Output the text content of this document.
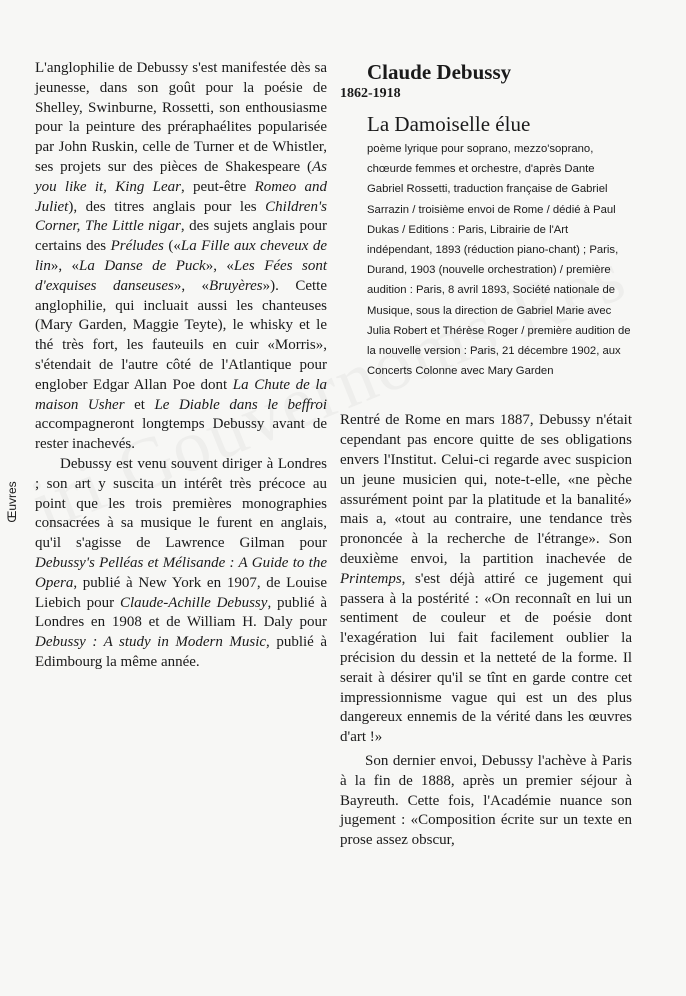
Œuvres

L'anglophilie de Debussy s'est manifestée dès sa jeunesse, dans son goût pour la poésie de Shelley, Swinburne, Rossetti, son enthousiasme pour la peinture des préraphaélites popularisée par John Ruskin, celle de Turner et de Whistler, ses projets sur des pièces de Shakespeare (As you like it, King Lear, peut-être Romeo and Juliet), des titres anglais pour les Children's Corner, The Little nigar, des sujets anglais pour certains des Préludes («La Fille aux cheveux de lin», «La Danse de Puck», «Les Fées sont d'exquises danseuses», «Bruyères»). Cette anglophilie, qui incluait aussi les chanteuses (Mary Garden, Maggie Teyte), le whisky et le thé très fort, les fauteuils en cuir «Morris», s'étendait de l'autre côté de l'Atlantique pour englober Edgar Allan Poe dont La Chute de la maison Usher et Le Diable dans le beffroi accompagneront longtemps Debussy avant de rester inachevés.

Debussy est venu souvent diriger à Londres ; son art y suscita un intérêt très précoce au point que les trois premières monographies consacrées à sa musique le furent en anglais, qu'il s'agisse de Lawrence Gilman pour Debussy's Pelléas et Mélisande : A Guide to the Opera, publié à New York en 1907, de Louise Liebich pour Claude-Achille Debussy, publié à Londres en 1908 et de William H. Daly pour Debussy : A study in Modern Music, publié à Edimbourg la même année.

Claude Debussy
1862-1918
La Damoiselle élue
poème lyrique pour soprano, mezzo'soprano, chœurde femmes et orchestre, d'après Dante Gabriel Rossetti, traduction française de Gabriel Sarrazin / troisième envoi de Rome / dédié à Paul Dukas / Editions : Paris, Librairie de l'Art indépendant, 1893 (réduction piano-chant) ; Paris, Durand, 1903 (nouvelle orchestration) / première audition : Paris, 8 avril 1893, Société nationale de Musique, sous la direction de Gabriel Marie avec Julia Robert et Thérèse Roger / première audition de la nouvelle version : Paris, 21 décembre 1902, aux Concerts Colonne avec Mary Garden

Rentré de Rome en mars 1887, Debussy n'était cependant pas encore quitte de ses obligations envers l'Institut. Celui-ci regarde avec suspicion un jeune musicien qui, note-t-elle, «ne pèche assurément point par la platitude et la banalité» mais a, «tout au contraire, une tendance très prononcée à la recherche de l'étrange». Son deuxième envoi, la partition inachevée de Printemps, s'est déjà attiré ce jugement qui passera à la postérité : «On reconnaît en lui un sentiment de couleur et de poésie dont l'exagération lui fait facilement oublier la précision du dessin et la netteté de la forme. Il serait à désirer qu'il se tînt en garde contre cet impressionnisme vague qui est un des plus dangereux ennemis de la vérité dans les œuvres d'art !»

Son dernier envoi, Debussy l'achève à Paris à la fin de 1888, après un premier séjour à Bayreuth. Cette fois, l'Académie nuance son jugement : «Composition écrite sur un texte en prose assez obscur,
